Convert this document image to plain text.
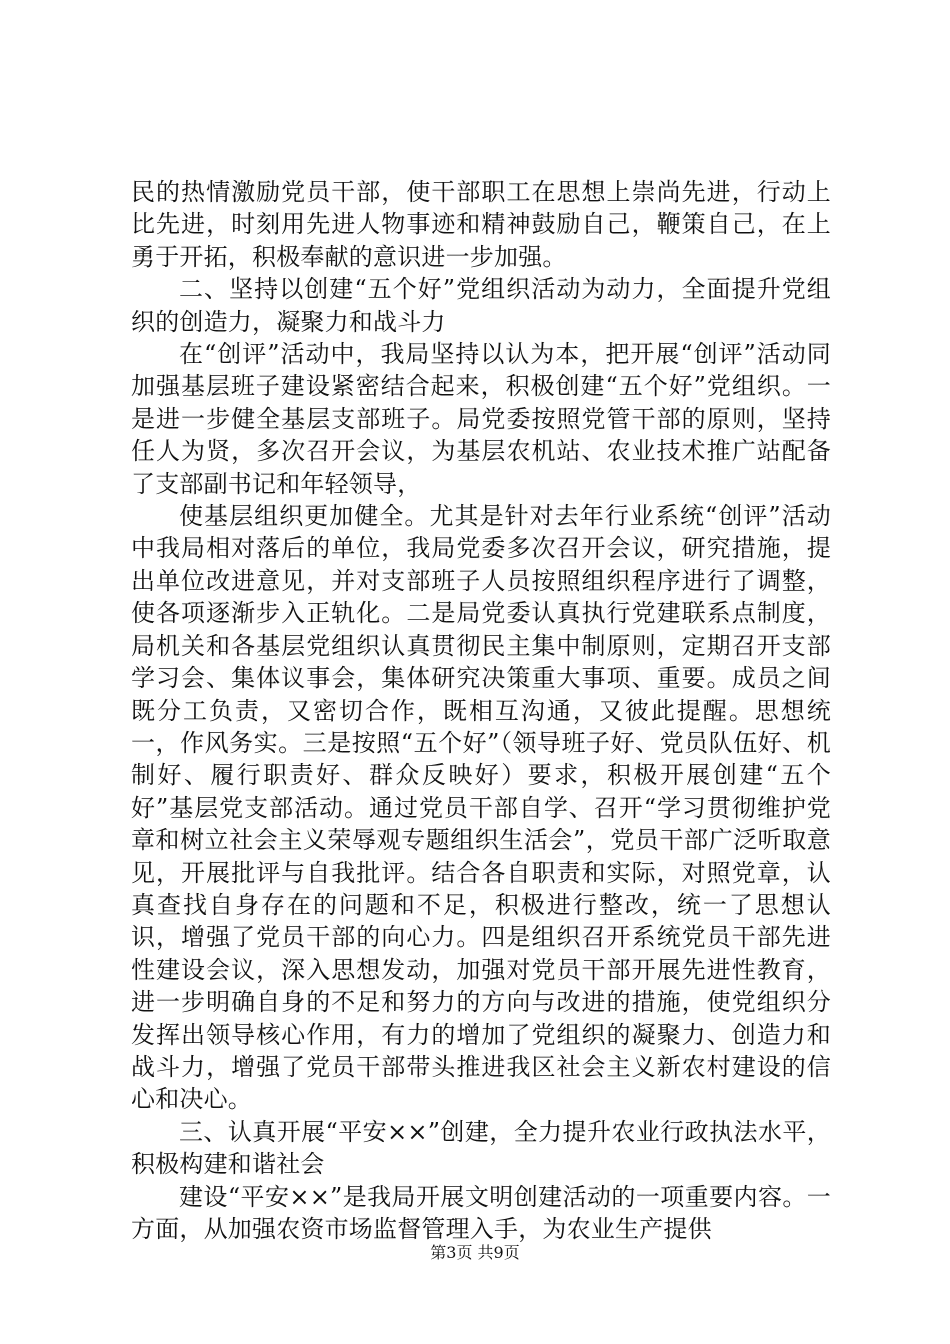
民的热情激励党员干部，使干部职工在思想上崇尚先进，行动上比先进，时刻用先进人物事迹和精神鼓励自己，鞭策自己，在上勇于开拓，积极奉献的意识进一步加强。

二、坚持以创建“五个好”党组织活动为动力，全面提升党组织的创造力，凝聚力和战斗力

在“创评”活动中，我局坚持以认为本，把开展“创评”活动同加强基层班子建设紧密结合起来，积极创建“五个好”党组织。一是进一步健全基层支部班子。局党委按照党管干部的原则，坚持任人为贤，多次召开会议，为基层农机站、农业技术推广站配备了支部副书记和年轻领导，

使基层组织更加健全。尤其是针对去年行业系统“创评”活动中我局相对落后的单位，我局党委多次召开会议，研究措施，提出单位改进意见，并对支部班子人员按照组织程序进行了调整，使各项逐渐步入正轨化。二是局党委认真执行党建联系点制度，局机关和各基层党组织认真贯彻民主集中制原则，定期召开支部学习会、集体议事会，集体研究决策重大事项、重要。成员之间既分工负责，又密切合作，既相互沟通，又彼此提醒。思想统一，作风务实。三是按照“五个好”（领导班子好、党员队伍好、机制好、履行职责好、群众反映好）要求，积极开展创建“五个好”基层党支部活动。通过党员干部自学、召开“学习贯彻维护党章和树立社会主义荣辱观专题组织生活会”，党员干部广泛听取意见，开展批评与自我批评。结合各自职责和实际，对照党章，认真查找自身存在的问题和不足，积极进行整改，统一了思想认识，增强了党员干部的向心力。四是组织召开系统党员干部先进性建设会议，深入思想发动，加强对党员干部开展先进性教育，进一步明确自身的不足和努力的方向与改进的措施，使党组织分发挥出领导核心作用，有力的增加了党组织的凝聚力、创造力和战斗力，增强了党员干部带头推进我区社会主义新农村建设的信心和决心。

三、认真开展“平安××”创建，全力提升农业行政执法水平，积极构建和谐社会

建设“平安××”是我局开展文明创建活动的一项重要内容。一方面，从加强农资市场监督管理入手，为农业生产提供

第3页 共9页
